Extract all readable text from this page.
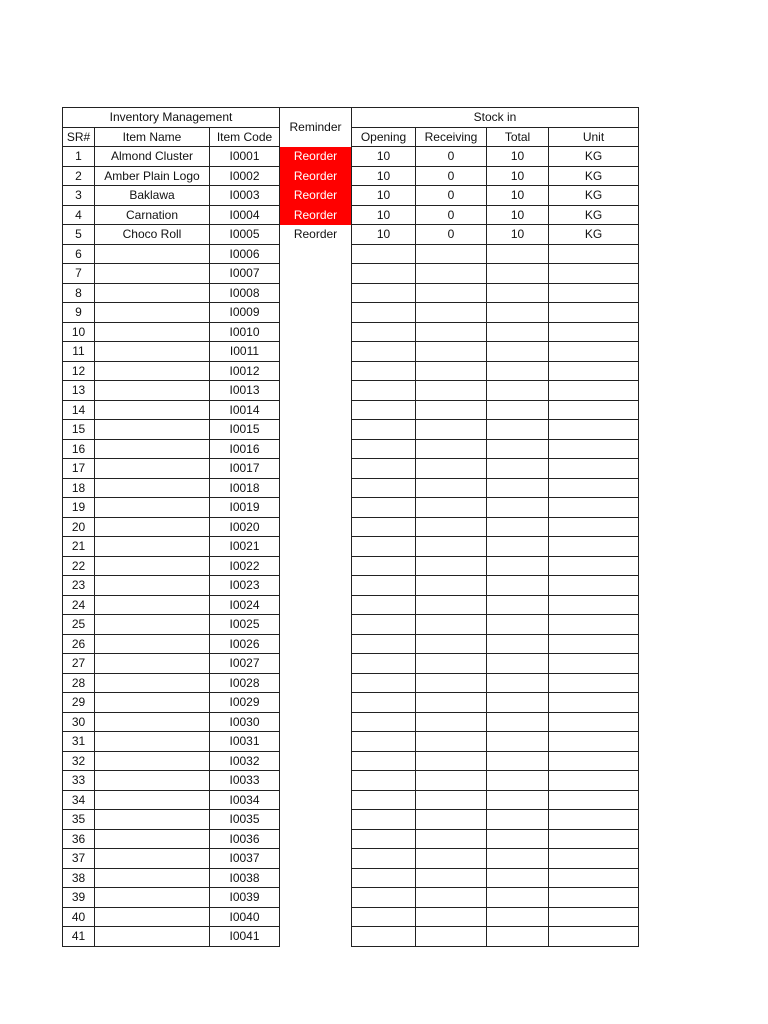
Inventory Management			Reminder	Stock in			
SR#	Item Name	Item Code		Opening	Receiving	Total	Unit
1	Almond Cluster	I0001	Reorder	10	0	10	KG
2	Amber Plain Logo	I0002	Reorder	10	0	10	KG
3	Baklawa	I0003	Reorder	10	0	10	KG
4	Carnation	I0004	Reorder	10	0	10	KG
5	Choco Roll	I0005	Reorder	10	0	10	KG
6		I0006					
7		I0007					
8		I0008					
9		I0009					
10		I0010					
11		I0011					
12		I0012					
13		I0013					
14		I0014					
15		I0015					
16		I0016					
17		I0017					
18		I0018					
19		I0019					
20		I0020					
21		I0021					
22		I0022					
23		I0023					
24		I0024					
25		I0025					
26		I0026					
27		I0027					
28		I0028					
29		I0029					
30		I0030					
31		I0031					
32		I0032					
33		I0033					
34		I0034					
35		I0035					
36		I0036					
37		I0037					
38		I0038					
39		I0039					
40		I0040					
41		I0041					
